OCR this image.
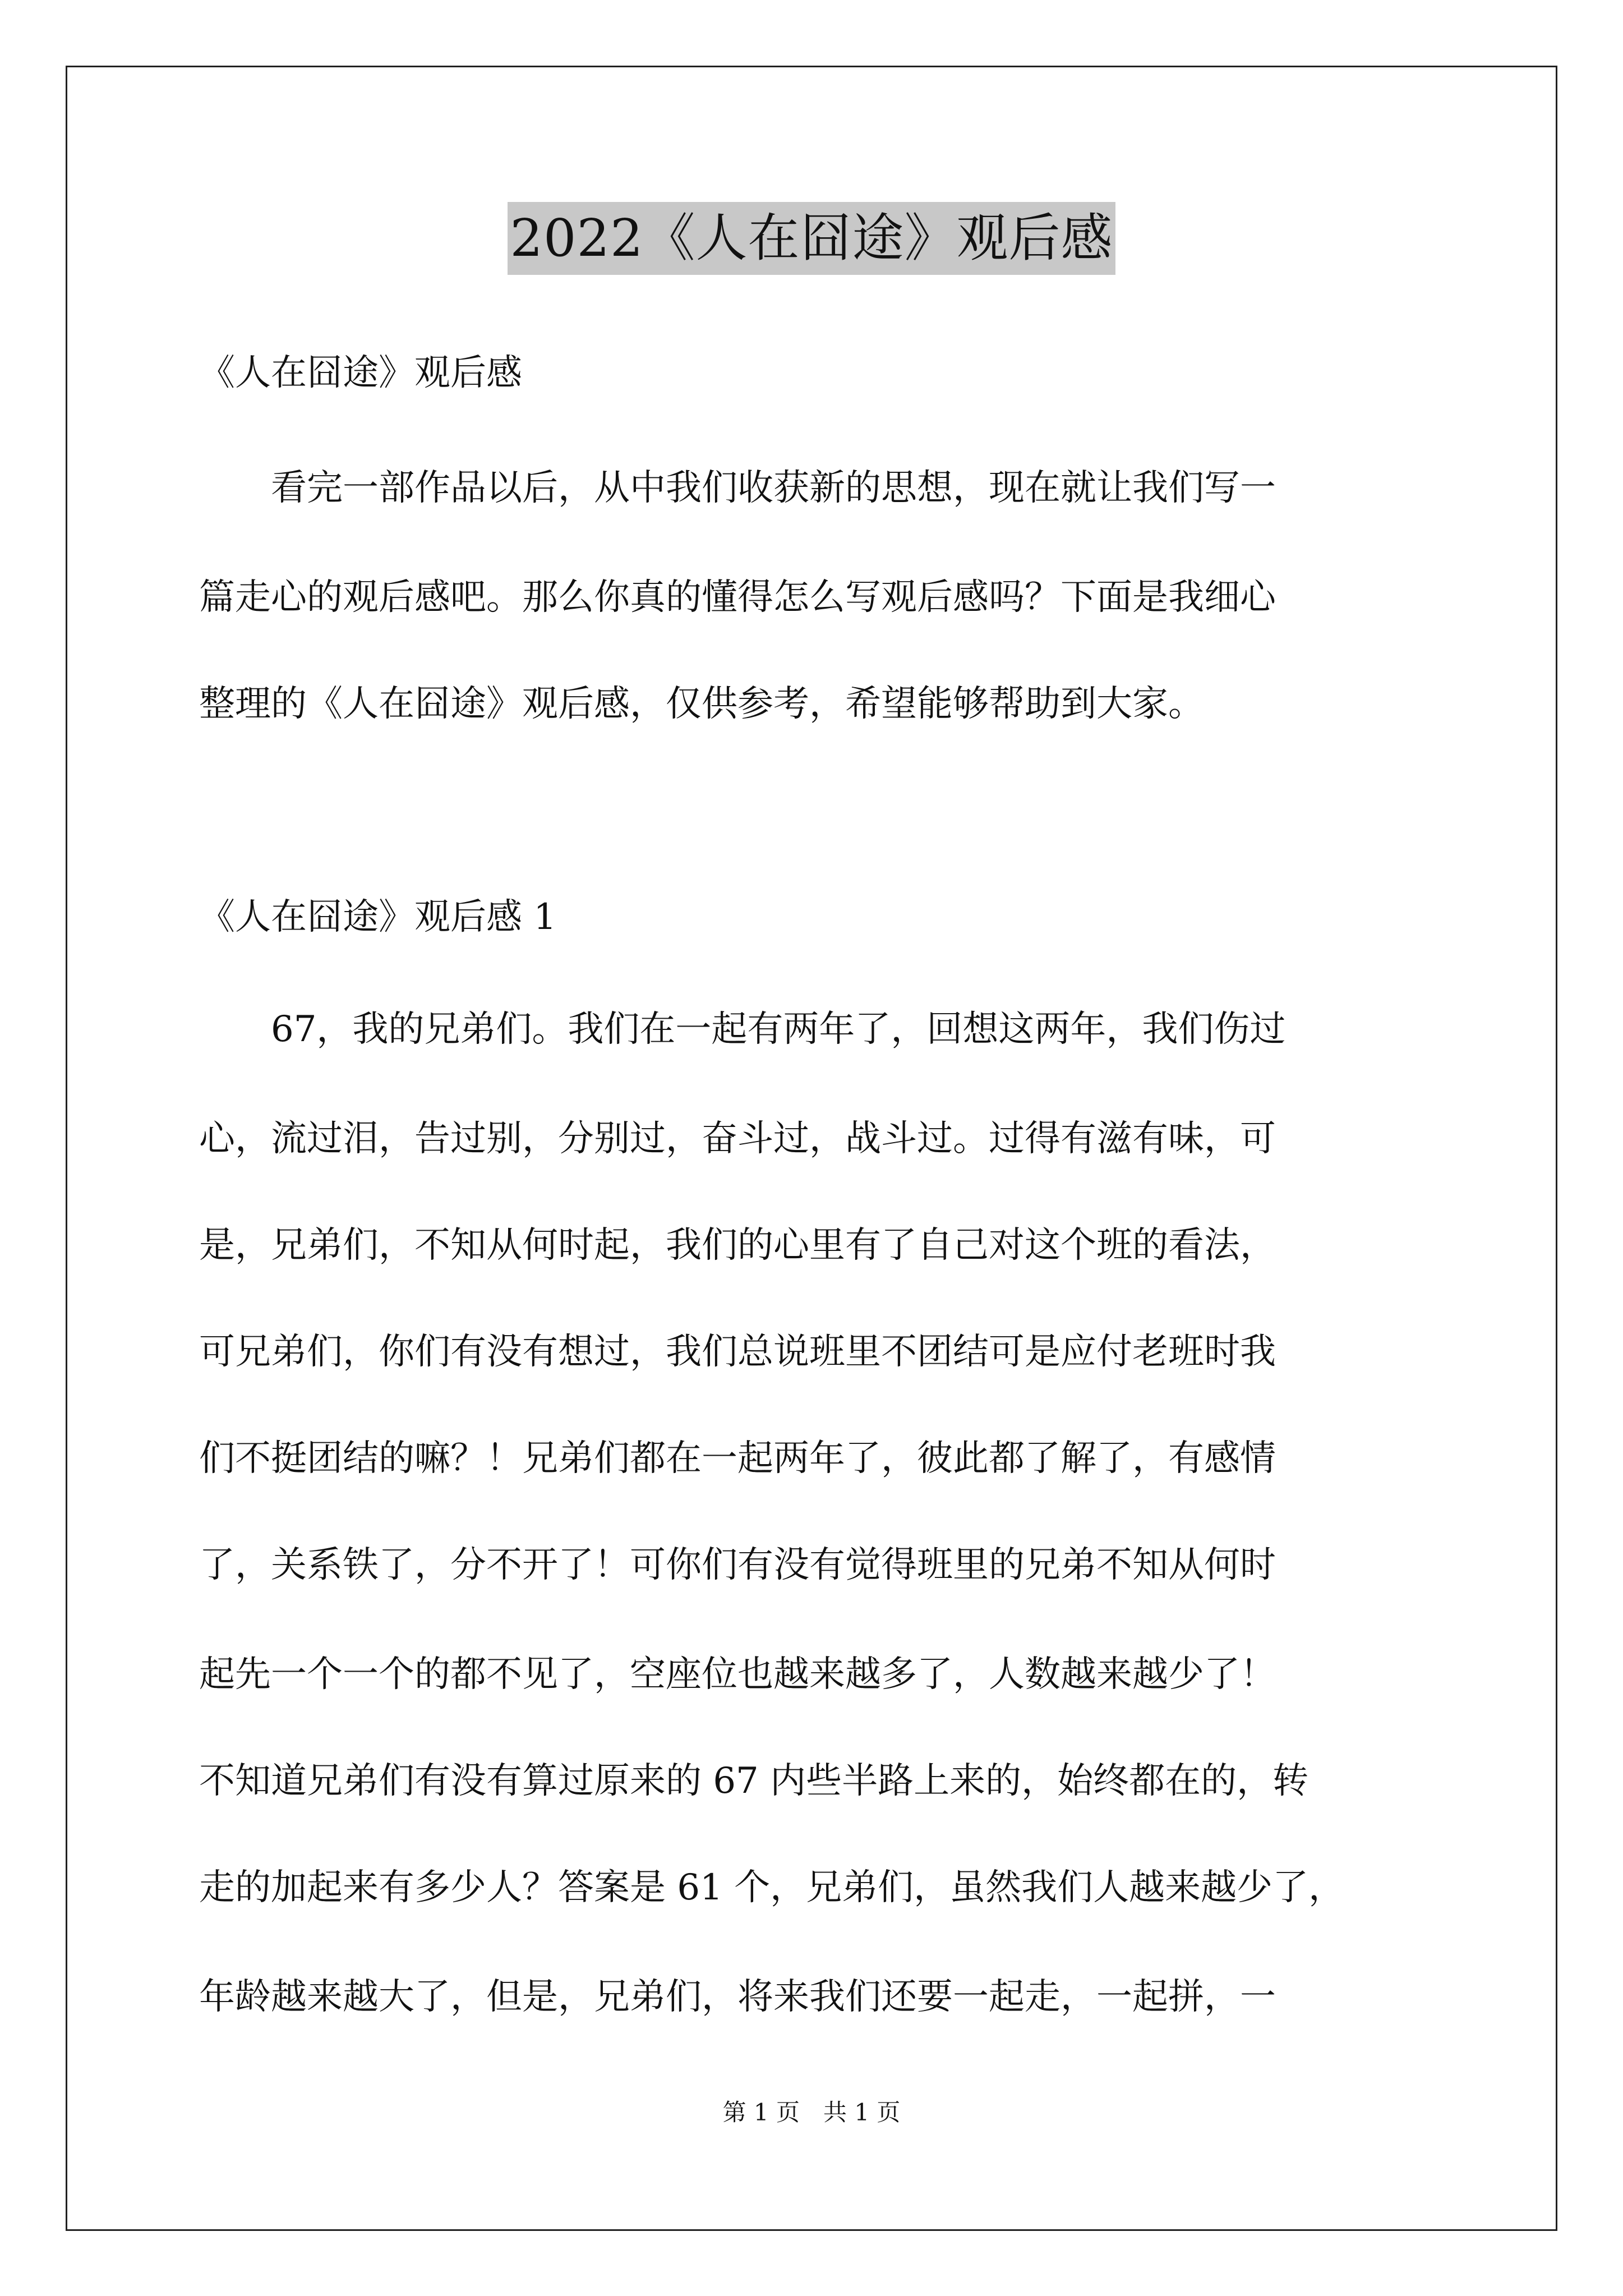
2022《人在囧途》观后感
《人在囧途》观后感
　　看完一部作品以后，从中我们收获新的思想，现在就让我们写一
篇走心的观后感吧。那么你真的懂得怎么写观后感吗？下面是我细心
整理的《人在囧途》观后感，仅供参考，希望能够帮助到大家。
《人在囧途》观后感 1
　　67，我的兄弟们。我们在一起有两年了，回想这两年，我们伤过
心，流过泪，告过别，分别过，奋斗过，战斗过。过得有滋有味，可
是，兄弟们，不知从何时起，我们的心里有了自己对这个班的看法，
可兄弟们，你们有没有想过，我们总说班里不团结可是应付老班时我
们不挺团结的嘛？！兄弟们都在一起两年了，彼此都了解了，有感情
了，关系铁了，分不开了！可你们有没有觉得班里的兄弟不知从何时
起先一个一个的都不见了，空座位也越来越多了，人数越来越少了！
不知道兄弟们有没有算过原来的 67 内些半路上来的，始终都在的，转
走的加起来有多少人？答案是 61 个，兄弟们，虽然我们人越来越少了，
年龄越来越大了，但是，兄弟们，将来我们还要一起走，一起拼，一
第 1 页　共 1 页
